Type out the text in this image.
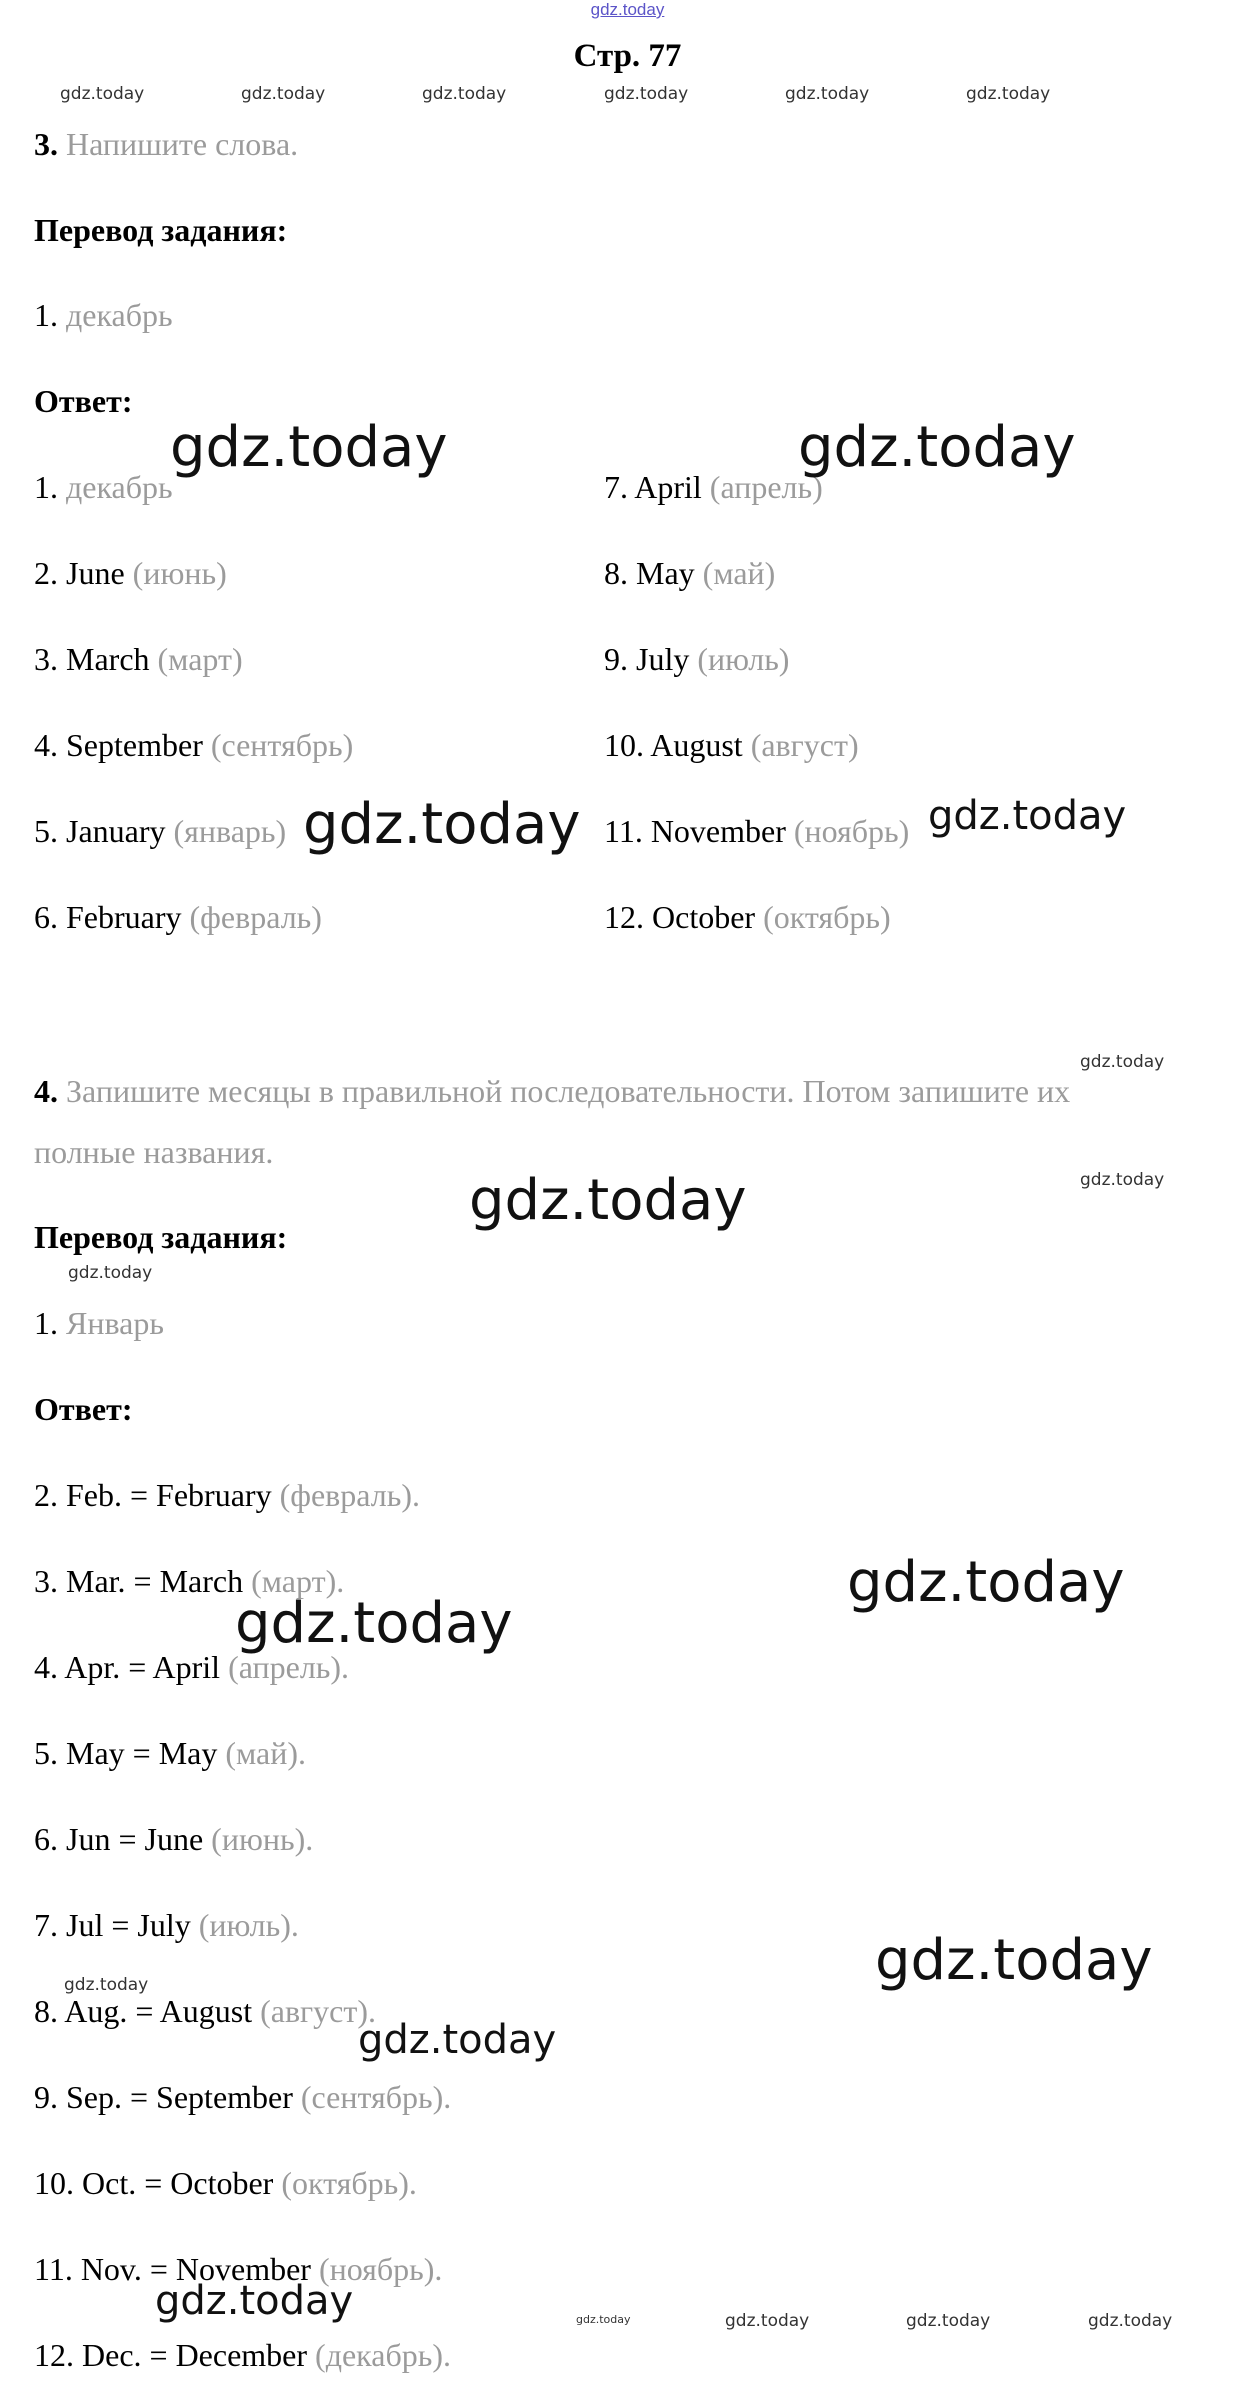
gdz.today
Стр. 77
3. Напишите слова.
Перевод задания:
1. декабрь
Ответ:
1. декабрь
2. June (июнь)
3. March (март)
4. September (сентябрь)
5. January (январь)
6. February (февраль)
7. April (апрель)
8. May (май)
9. July (июль)
10. August (август)
11. November (ноябрь)
12. October (октябрь)
4. Запишите месяцы в правильной последовательности. Потом запишите их
полные названия.
Перевод задания:
1. Январь
Ответ:
2. Feb. = February (февраль).
3. Mar. = March (март).
4. Apr. = April (апрель).
5. May = May (май).
6. Jun = June (июнь).
7. Jul = July (июль).
8. Aug. = August (август).
9. Sep. = September (сентябрь).
10. Oct. = October (октябрь).
11. Nov. = November (ноябрь).
12. Dec. = December (декабрь).
gdz.today	gdz.today	gdz.today	gdz.today	gdz.today	gdz.today
gdz.today	gdz.today
gdz.today	gdz.today
gdz.today
gdz.today
gdz.today
gdz.today
gdz.today
gdz.today
gdz.today
gdz.today
gdz.today
gdz.today	gdz.today	gdz.today	gdz.today	gdz.today
